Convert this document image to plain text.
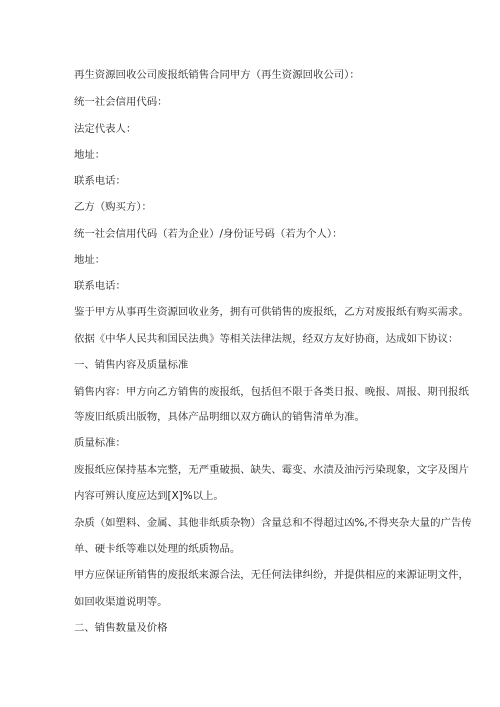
再生资源回收公司废报纸销售合同甲方（再生资源回收公司）：
统一社会信用代码：
法定代表人：
地址：
联系电话：
乙方（购买方）：
统一社会信用代码（若为企业）/身份证号码（若为个人）：
地址：
联系电话：
鉴于甲方从事再生资源回收业务，拥有可供销售的废报纸，乙方对废报纸有购买需求。
依据《中华人民共和国民法典》等相关法律法规，经双方友好协商，达成如下协议：
一、销售内容及质量标准
销售内容：甲方向乙方销售的废报纸，包括但不限于各类日报、晚报、周报、期刊报纸
等废旧纸质出版物，具体产品明细以双方确认的销售清单为准。
质量标准：
废报纸应保持基本完整，无严重破损、缺失、霉变、水渍及油污污染现象，文字及图片
内容可辨认度应达到[X]%以上。
杂质（如塑料、金属、其他非纸质杂物）含量总和不得超过凶%,不得夹杂大量的广告传
单、硬卡纸等难以处理的纸质物品。
甲方应保证所销售的废报纸来源合法，无任何法律纠纷，并提供相应的来源证明文件，
如回收渠道说明等。
二、销售数量及价格
